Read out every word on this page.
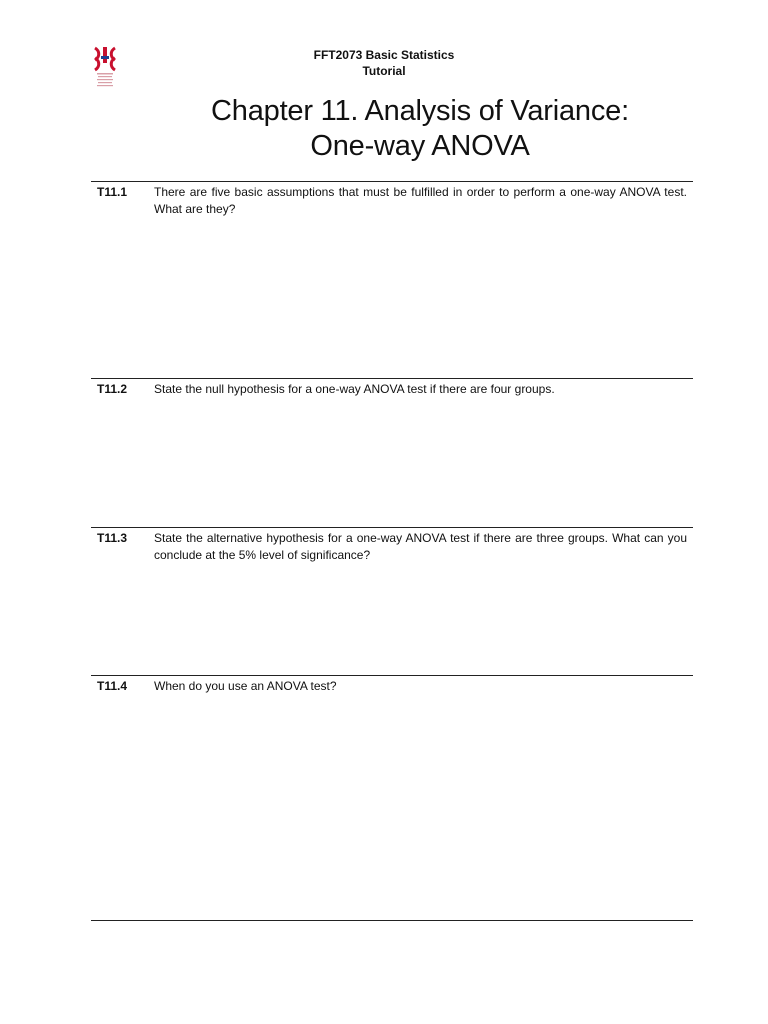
FFT2073 Basic Statistics
Tutorial
Chapter 11. Analysis of Variance:
One-way ANOVA
T11.1 There are five basic assumptions that must be fulfilled in order to perform a one-way ANOVA test. What are they?
T11.2 State the null hypothesis for a one-way ANOVA test if there are four groups.
T11.3 State the alternative hypothesis for a one-way ANOVA test if there are three groups. What can you conclude at the 5% level of significance?
T11.4 When do you use an ANOVA test?
